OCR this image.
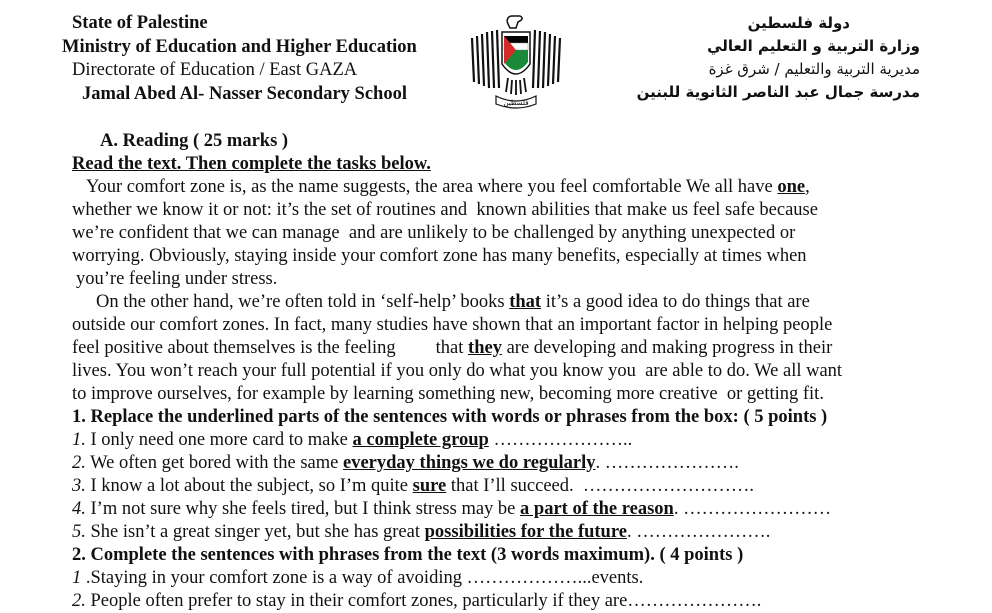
State of Palestine
Ministry of Education and Higher Education
Directorate of Education / East GAZA
Jamal Abed Al- Nasser Secondary School	فلسطين
دولة فلسطين
وزارة التربية و التعليم العالي
مديرية التربية والتعليم / شرق غزة
مدرسة جمال عبد الناصر الثانوية للبنين
A. Reading ( 25 marks )
Read the text. Then complete the tasks below.
Your comfort zone is, as the name suggests, the area where you feel comfortable We all have one ,
whether we know it or not: it’s the set of routines and  known abilities that make us feel safe because
we’re confident that we can manage  and are unlikely to be challenged by anything unexpected or
worrying. Obviously, staying inside your comfort zone has many benefits, especially at times when
you’re feeling under stress.
On the other hand, we’re often told in ‘self-help’ books that it’s a good idea to do things that are
outside our comfort zones. In fact, many studies have shown that an important factor in helping people
feel positive about themselves is the feeling that they are developing and making progress in their
lives. You won’t reach your full potential if you only do what you know you  are able to do. We all want
to improve ourselves, for example by learning something new, becoming more creative  or getting fit.
1. Replace the underlined parts of the sentences with words or phrases from the box: ( 5 points )
1. I only need one more card to make a complete group …………………..
2. We often get bored with the same everyday things we do regularly . ………………….
3. I know a lot about the subject, so I’m quite sure that I’ll succeed.  ……………………….
4. I’m not sure why she feels tired, but I think stress may be a part of the reason . ……………………
5. She isn’t a great singer yet, but she has great possibilities for the future . ………………….
2. Complete the sentences with phrases from the text (3 words maximum). ( 4 points )
1 .Staying in your comfort zone is a way of avoiding ………………...events.
2. People often prefer to stay in their comfort zones, particularly if they are………………….
